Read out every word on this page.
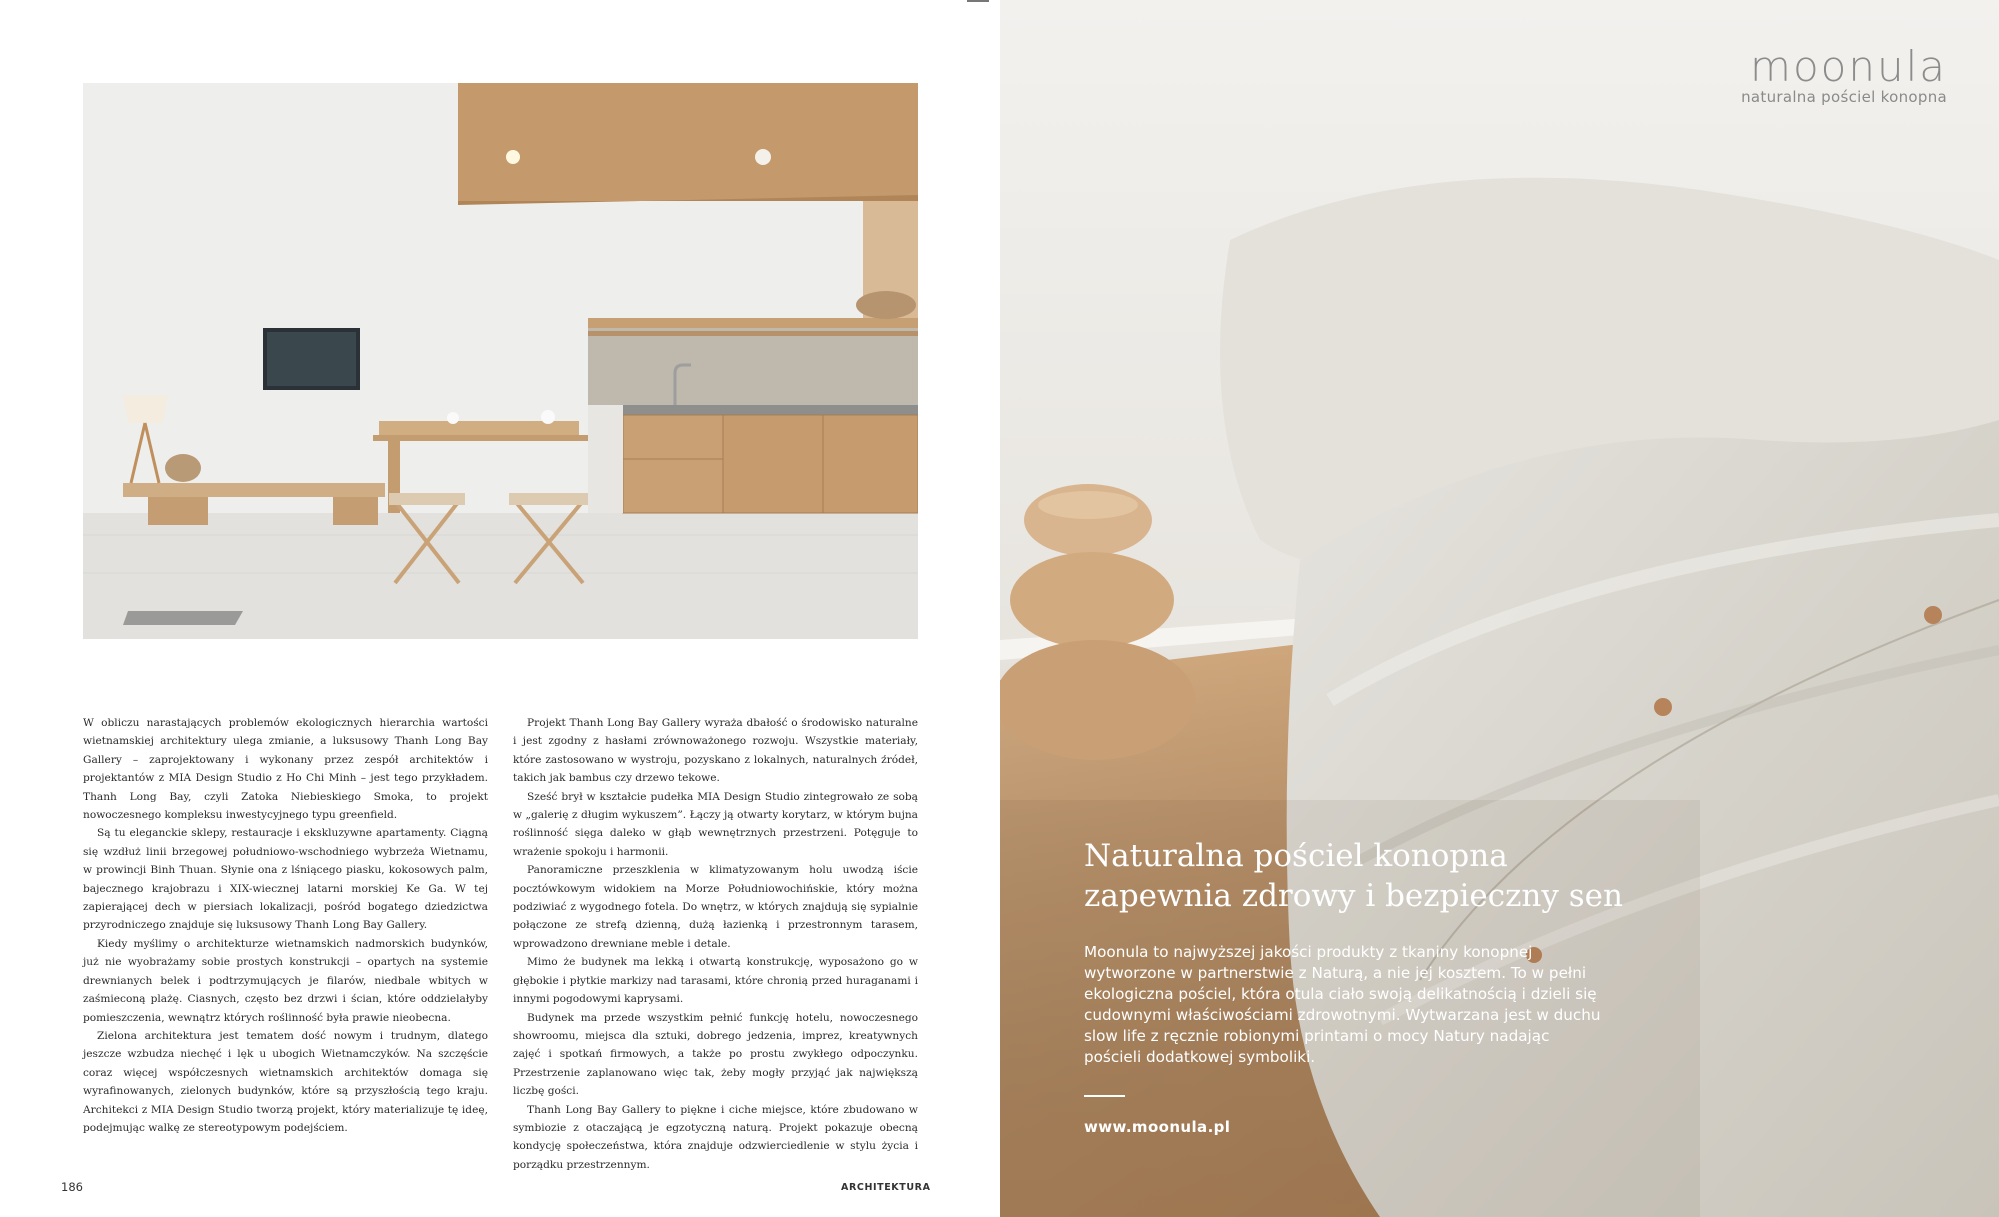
W obliczu narastających problemów ekologicznych hierarchia wartości wietnamskiej architektury ulega zmianie, a luksusowy Thanh Long Bay Gallery – zaprojektowany i wykonany przez zespół architektów i projektantów z MIA Design Studio z Ho Chi Minh – jest tego przykładem. Thanh Long Bay, czyli Zatoka Niebieskiego Smoka, to projekt nowoczesnego kompleksu inwestycyjnego typu greenfield.

Są tu eleganckie sklepy, restauracje i ekskluzywne apartamenty. Ciągną się wzdłuż linii brzegowej południowo-wschodniego wybrzeża Wietnamu, w prowincji Binh Thuan. Słynie ona z lśniącego piasku, kokosowych palm, bajecznego krajobrazu i XIX-wiecznej latarni morskiej Ke Ga. W tej zapierającej dech w piersiach lokalizacji, pośród bogatego dziedzictwa przyrodniczego znajduje się luksusowy Thanh Long Bay Gallery.

Kiedy myślimy o architekturze wietnamskich nadmorskich budynków, już nie wyobrażamy sobie prostych konstrukcji – opartych na systemie drewnianych belek i podtrzymujących je filarów, niedbale wbitych w zaśmieconą plażę. Ciasnych, często bez drzwi i ścian, które oddzielałyby pomieszczenia, wewnątrz których roślinność była prawie nieobecna.

Zielona architektura jest tematem dość nowym i trudnym, dlatego jeszcze wzbudza niechęć i lęk u ubogich Wietnamczyków. Na szczęście coraz więcej współczesnych wietnamskich architektów domaga się wyrafinowanych, zielonych budynków, które są przyszłością tego kraju. Architekci z MIA Design Studio tworzą projekt, który materializuje tę ideę, podejmując walkę ze stereotypowym podejściem.

Projekt Thanh Long Bay Gallery wyraża dbałość o środowisko naturalne i jest zgodny z hasłami zrównoważonego rozwoju. Wszystkie materiały, które zastosowano w wystroju, pozyskano z lokalnych, naturalnych źródeł, takich jak bambus czy drzewo tekowe.

Sześć brył w kształcie pudełka MIA Design Studio zintegrowało ze sobą w „galerię z długim wykuszem”. Łączy ją otwarty korytarz, w którym bujna roślinność sięga daleko w głąb wewnętrznych przestrzeni. Potęguje to wrażenie spokoju i harmonii.

Panoramiczne przeszklenia w klimatyzowanym holu uwodzą iście pocztówkowym widokiem na Morze Południowochińskie, który można podziwiać z wygodnego fotela. Do wnętrz, w których znajdują się sypialnie połączone ze strefą dzienną, dużą łazienką i przestronnym tarasem, wprowadzono drewniane meble i detale.

Mimo że budynek ma lekką i otwartą konstrukcję, wyposażono go w głębokie i płytkie markizy nad tarasami, które chronią przed huraganami i innymi pogodowymi kaprysami.

Budynek ma przede wszystkim pełnić funkcję hotelu, nowoczesnego showroomu, miejsca dla sztuki, dobrego jedzenia, imprez, kreatywnych zajęć i spotkań firmowych, a także po prostu zwykłego odpoczynku. Przestrzenie zaplanowano więc tak, żeby mogły przyjąć jak największą liczbę gości.

Thanh Long Bay Gallery to piękne i ciche miejsce, które zbudowano w symbiozie z otaczającą je egzotyczną naturą. Projekt pokazuje obecną kondycję społeczeństwa, która znajduje odzwierciedlenie w stylu życia i porządku przestrzennym.

186	ARCHITEKTURA
moonula
naturalna pościel konopna
Naturalna pościel konopna
zapewnia zdrowy i bezpieczny sen
Moonula to najwyższej jakości produkty z tkaniny konopnej wytworzone w partnerstwie z Naturą, a nie jej kosztem. To w pełni ekologiczna pościel, która otula ciało swoją delikatnością i dzieli się cudownymi właściwościami zdrowotnymi. Wytwarzana jest w duchu slow life z ręcznie robionymi printami o mocy Natury nadając pościeli dodatkowej symboliki.
www.moonula.pl
